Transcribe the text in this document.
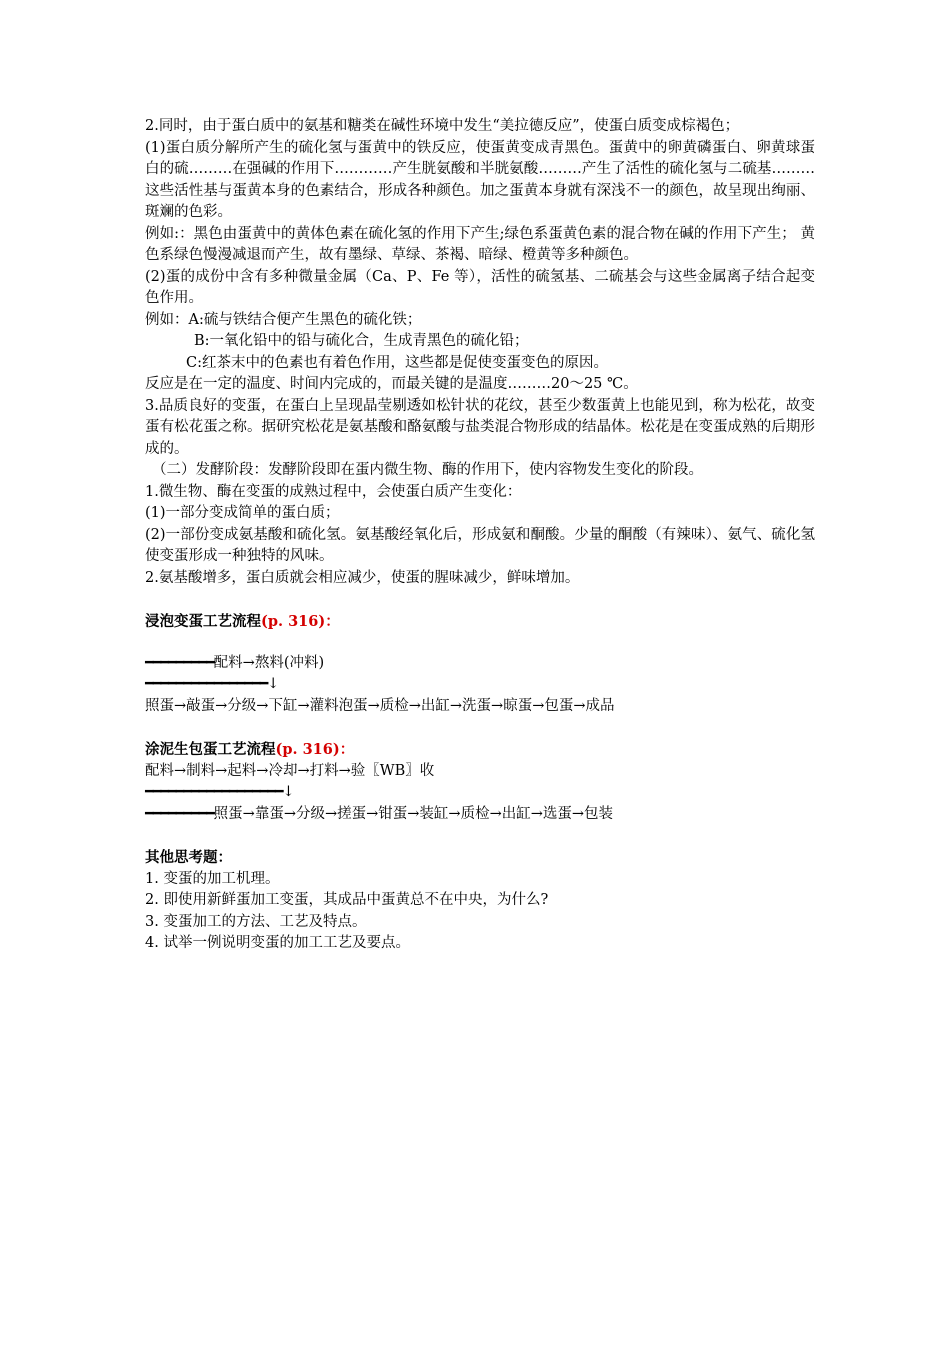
2.同时，由于蛋白质中的氨基和糖类在碱性环境中发生“美拉德反应”，使蛋白质变成棕褐色；

(1)蛋白质分解所产生的硫化氢与蛋黄中的铁反应，使蛋黄变成青黑色。蛋黄中的卵黄磷蛋白、卵黄球蛋白的硫………在强碱的作用下…………产生胱氨酸和半胱氨酸………产生了活性的硫化氢与二硫基………这些活性基与蛋黄本身的色素结合，形成各种颜色。加之蛋黄本身就有深浅不一的颜色，故呈现出绚丽、斑斓的色彩。

例如:：黑色由蛋黄中的黄体色素在硫化氢的作用下产生;绿色系蛋黄色素的混合物在碱的作用下产生； 黄色系绿色慢漫减退而产生，故有墨绿、草绿、茶褐、暗绿、橙黄等多种颜色。

(2)蛋的成份中含有多种微量金属（Ca、P、Fe 等），活性的硫氢基、二硫基会与这些金属离子结合起变色作用。

例如：A:硫与铁结合便产生黑色的硫化铁；

B:一氧化铅中的铅与硫化合，生成青黑色的硫化铅；

C:红茶末中的色素也有着色作用，这些都是促使变蛋变色的原因。

反应是在一定的温度、时间内完成的，而最关键的是温度………20～25 ℃。

3.品质良好的变蛋，在蛋白上呈现晶莹剔透如松针状的花纹，甚至少数蛋黄上也能见到，称为松花，故变蛋有松花蛋之称。据研究松花是氨基酸和酪氨酸与盐类混合物形成的结晶体。松花是在变蛋成熟的后期形成的。

（二）发酵阶段：发酵阶段即在蛋内微生物、酶的作用下，使内容物发生变化的阶段。

1.微生物、酶在变蛋的成熟过程中，会使蛋白质产生变化：

(1)一部分变成简单的蛋白质；

(2)一部份变成氨基酸和硫化氢。氨基酸经氧化后，形成氨和酮酸。少量的酮酸（有辣味）、氨气、硫化氢使变蛋形成一种独特的风味。

2.氨基酸增多，蛋白质就会相应减少，使蛋的腥味减少，鲜味增加。

浸泡变蛋工艺流程(p. 316)：

━━━━━━━━━配料→熬料(冲料)

━━━━━━━━━━━━━━━━↓

照蛋→敲蛋→分级→下缸→灌料泡蛋→质检→出缸→洗蛋→晾蛋→包蛋→成品

涂泥生包蛋工艺流程(p. 316)：

配料→制料→起料→冷却→打料→验〖WB〗收

━━━━━━━━━━━━━━━━━━↓

━━━━━━━━━照蛋→靠蛋→分级→搓蛋→钳蛋→装缸→质检→出缸→选蛋→包装

其他思考题：

1. 变蛋的加工机理。

2. 即使用新鲜蛋加工变蛋，其成品中蛋黄总不在中央，为什么?

3. 变蛋加工的方法、工艺及特点。

4. 试举一例说明变蛋的加工工艺及要点。
